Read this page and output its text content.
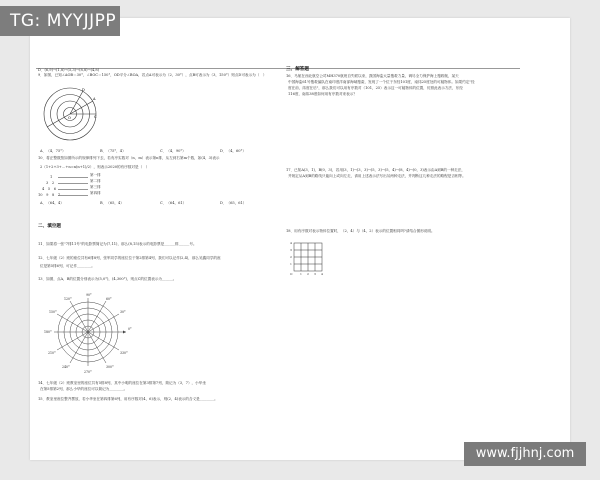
TG: MYYJJPP
D．(6,9)→(1,8)→(5,3)→(8,8)→(4,8)
9．如图，已知∠AOB＝30°，∠BOC＝150°，OD平分∠BOA，若点A可表示为（2，30°），点B可表示为（3，150°）则点D可表示为（　）
O
A
C
D
A．（4，75°）	B．（75°，4）	C．（4，90°）	D．（4，60°）
10．将正整数按如图所示的规律排列下去，若有序实数对（n，m）表示第n排，从左到右第m个数，如(4，3)表示
2（1+2+3+…+n=n(n+1)/2），则表示2020的有序数对是（　）
1
3　2
4　5　6
10　9　8　7
第一排
第二排
第三排
第四排
A．（64，4）	B．（65，4）	C．（64，61）	D．（65，61）
二、填空题
11．如果将一张"7排11号"的电影票简记为(7,11)，那么(8,15)表示的电影票是______排______号。
12．七年级（2）班的座位共有6排8列，张军同学的座位位于第2排第4列，我们可以记作(2,4)，那么吴鑫同学的座
位是第5排6列，可记作________。
13．如图，点A，B的位置分别表示为(5,0°)，(4,300°)，则点C的位置表示为______。
90°
120°	60°
150°	30°
180°
0°
210°	330°
240°	300°
270°
14．七年级（2）班教室里的座位共有5排8列，其中小明的座位在第3排第7列，简记为（3，7），小华坐
在第5排第2列，那么小华的座位可以简记为________。
15．教室里座位整齐摆放，若小华坐在第四排第6列，用有序数对(4，6)表示，则(2，4)表示的含义是________。
三、解答题
16．马航在西北航空公司MH370航班自失联以来，我国海监大量搜救力量，调尽全力保护海上搜救舰，某天
中国海监61号搜救编队在南印度洋南部海域搜索，发现了一个位于东经101度，南纬25度处的可疑物体。如果约定"经
度在前，纬度在后"，那么我们可以用有序数对（101，25）表示这一可疑物体的位置，仿照此表示方法，东经
116度，南纬38度如何用有序数对来表示？
17．已知A(3，1)，B(0，3)，若用(3，1)→(3，3)→(5，3)→(5，4)→(8，4)→(0，3)表示由A到B的一种走法，
并规定从A到B的路线只能向上或向左走，请用上述表示法写出另两种走法，并判断这几种走法的路程是否相等。
18．用有序数对表示物体位置时，（2，4）与（4，2）表示的位置相同吗?请结合图形说明。
4
3
2
1
O	1 2 3 4
www.fjjhnj.com
